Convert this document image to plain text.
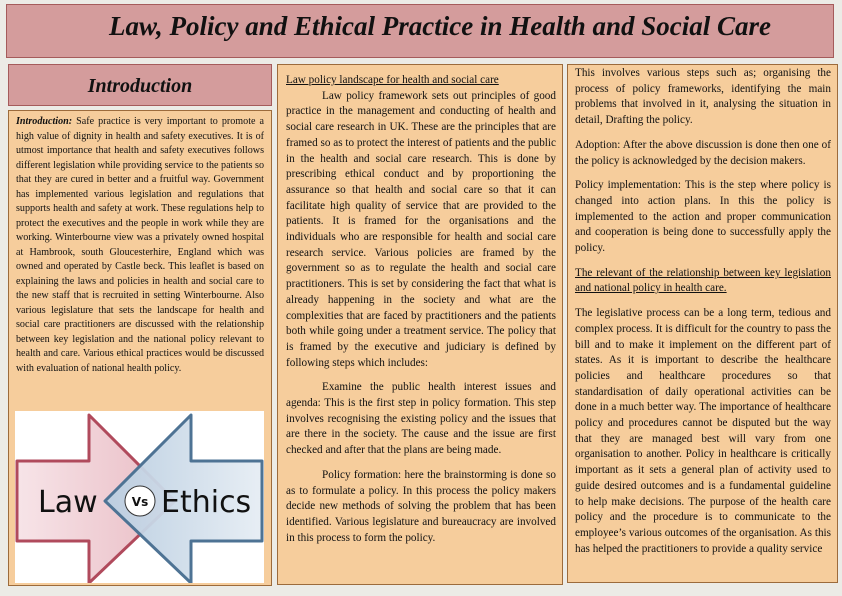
Law, Policy and Ethical Practice in Health and Social Care
Introduction

Introduction: Safe practice is very important to promote a high value of dignity in health and safety executives. It is of utmost importance that health and safety executives follows different legislation while providing service to the patients so that they are cured in better and a fruitful way. Government has implemented various legislation and regulations that supports health and safety at work. These regulations help to protect the executives and the people in work while they are working. Winterbourne view was a privately owned hospital at Hambrook, south Gloucesterhire, England which was owned and operated by Castle beck. This leaflet is based on explaining the laws and policies in health and social care to the new staff that is recruited in setting Winterbourne. Also various legislature that sets the landscape for health and social care practitioners are discussed with the relationship between key legislation and the national policy relevant to health and care. Various ethical practices would be discussed with evaluation of national health policy.

Law	Vs Ethics

Law policy landscape for health and social care

Law policy framework sets out principles of good practice in the management and conducting of health and social care research in UK. These are the principles that are framed so as to protect the interest of patients and the public in the health and social care research. This is done by prescribing ethical conduct and by proportioning the assurance so that health and social care so that it can facilitate high quality of service that are provided to the patients. It is framed for the organisations and the individuals who are responsible for health and social care research service. Various policies are framed by the government so as to regulate the health and social care practitioners. This is set by considering the fact that what is already happening in the society and what are the complexities that are faced by practitioners and the patients both while going under a treatment service. The policy that is framed by the executive and judiciary is defined by following steps which includes:

Examine the public health interest issues and agenda: This is the first step in policy formation. This step involves recognising the existing policy and the issues that are there in the society. The cause and the issue are first checked and after that the plans are being made.

Policy formation: here the brainstorming is done so as to formulate a policy. In this process the policy makers decide new methods of solving the problem that has been identified. Various legislature and bureaucracy are involved in this process to form the policy.

This involves various steps such as; organising the process of policy frameworks, identifying the main problems that involved in it, analysing the situation in detail, Drafting the policy.

Adoption: After the above discussion is done then one of the policy is acknowledged by the decision makers.

Policy implementation: This is the step where policy is changed into action plans. In this the policy is implemented to the action and proper communication and cooperation is being done to successfully apply the policy.

The relevant of the relationship between key legislation and national policy in health care.

The legislative process can be a long term, tedious and complex process. It is difficult for the country to pass the bill and to make it implement on the different part of states. As it is important to describe the healthcare policies and healthcare procedures so that standardisation of daily operational activities can be done in a much better way. The importance of healthcare policy and procedures cannot be disputed but the way that they are managed best will vary from one organisation to another. Policy in healthcare is critically important as it sets a general plan of activity used to guide desired outcomes and is a fundamental guideline to help make decisions. The purpose of the health care policy and the procedure is to communicate to the employee’s various outcomes of the organisation. As this has helped the practitioners to provide a quality service
